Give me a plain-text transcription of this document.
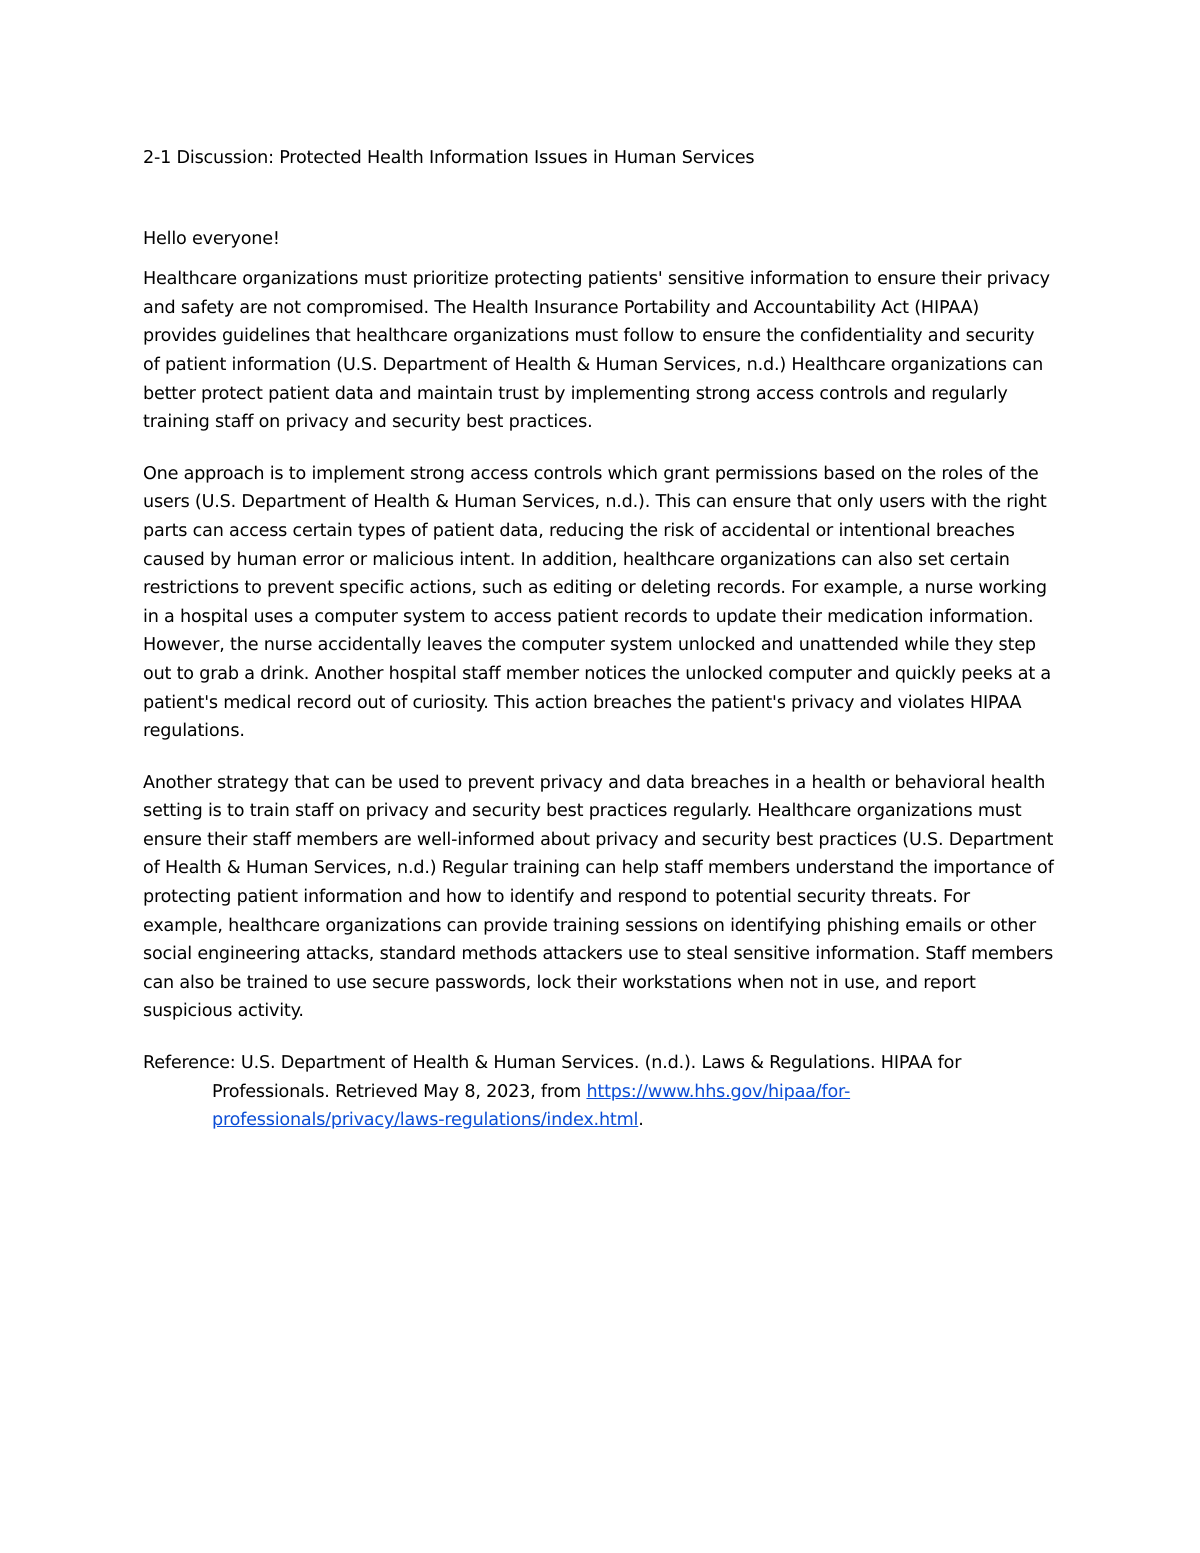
2-1 Discussion: Protected Health Information Issues in Human Services
Hello everyone!

Healthcare organizations must prioritize protecting patients' sensitive information to ensure their privacy and safety are not compromised. The Health Insurance Portability and Accountability Act (HIPAA) provides guidelines that healthcare organizations must follow to ensure the confidentiality and security of patient information (U.S. Department of Health & Human Services, n.d.) Healthcare organizations can better protect patient data and maintain trust by implementing strong access controls and regularly training staff on privacy and security best practices.

One approach is to implement strong access controls which grant permissions based on the roles of the users (U.S. Department of Health & Human Services, n.d.). This can ensure that only users with the right parts can access certain types of patient data, reducing the risk of accidental or intentional breaches caused by human error or malicious intent. In addition, healthcare organizations can also set certain restrictions to prevent specific actions, such as editing or deleting records. For example, a nurse working in a hospital uses a computer system to access patient records to update their medication information. However, the nurse accidentally leaves the computer system unlocked and unattended while they step out to grab a drink. Another hospital staff member notices the unlocked computer and quickly peeks at a patient's medical record out of curiosity. This action breaches the patient's privacy and violates HIPAA regulations.

Another strategy that can be used to prevent privacy and data breaches in a health or behavioral health setting is to train staff on privacy and security best practices regularly. Healthcare organizations must ensure their staff members are well-informed about privacy and security best practices (U.S. Department of Health & Human Services, n.d.) Regular training can help staff members understand the importance of protecting patient information and how to identify and respond to potential security threats. For example, healthcare organizations can provide training sessions on identifying phishing emails or other social engineering attacks, standard methods attackers use to steal sensitive information. Staff members can also be trained to use secure passwords, lock their workstations when not in use, and report suspicious activity.

Reference: U.S. Department of Health & Human Services. (n.d.). Laws & Regulations. HIPAA for Professionals. Retrieved May 8, 2023, from https://www.hhs.gov/hipaa/for-professionals/privacy/laws-regulations/index.html.
